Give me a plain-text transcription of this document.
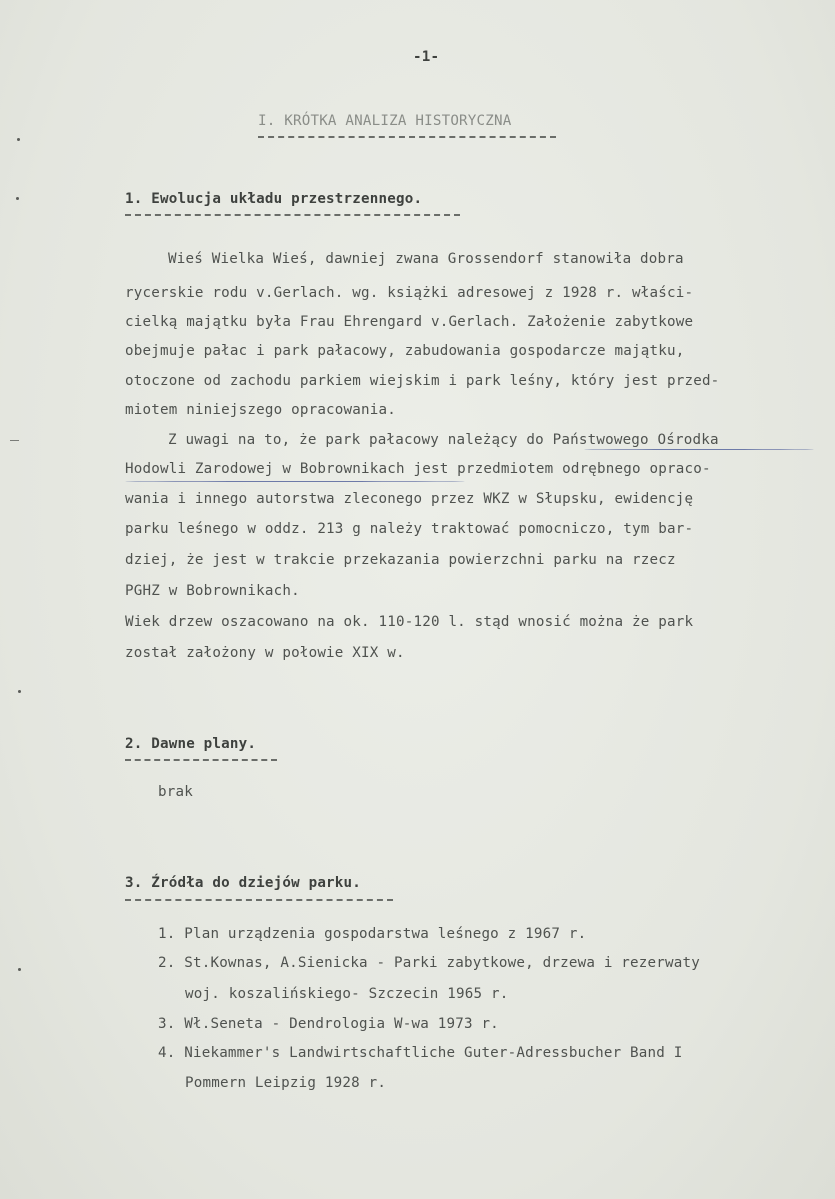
-1-
I. KRÓTKA ANALIZA HISTORYCZNA
1. Ewolucja układu przestrzennego.
Wieś Wielka Wieś, dawniej zwana Grossendorf stanowiła dobra
rycerskie rodu v.Gerlach. wg. książki adresowej z 1928 r. właści-
cielką majątku była Frau Ehrengard v.Gerlach. Założenie zabytkowe
obejmuje pałac i park pałacowy, zabudowania gospodarcze majątku,
otoczone od zachodu parkiem wiejskim i park leśny, który jest przed-
miotem niniejszego opracowania.
Z uwagi na to, że park pałacowy należący do Państwowego Ośrodka
Hodowli Zarodowej w Bobrownikach jest przedmiotem odrębnego opraco-
wania i innego autorstwa zleconego przez WKZ w Słupsku, ewidencję
parku leśnego w oddz. 213 g należy traktować pomocniczo, tym bar-
dziej, że jest w trakcie przekazania powierzchni parku na rzecz
PGHZ w Bobrownikach.
Wiek drzew oszacowano na ok. 110-120 l. stąd wnosić można że park
został założony w połowie XIX w.
2. Dawne plany.
brak
3. Źródła do dziejów parku.
1. Plan urządzenia gospodarstwa leśnego z 1967 r.
2. St.Kownas, A.Sienicka - Parki zabytkowe, drzewa i rezerwaty
woj. koszalińskiego- Szczecin 1965 r.
3. Wł.Seneta - Dendrologia W-wa 1973 r.
4. Niekammer's Landwirtschaftliche Guter-Adressbucher Band I
Pommern Leipzig 1928 r.
